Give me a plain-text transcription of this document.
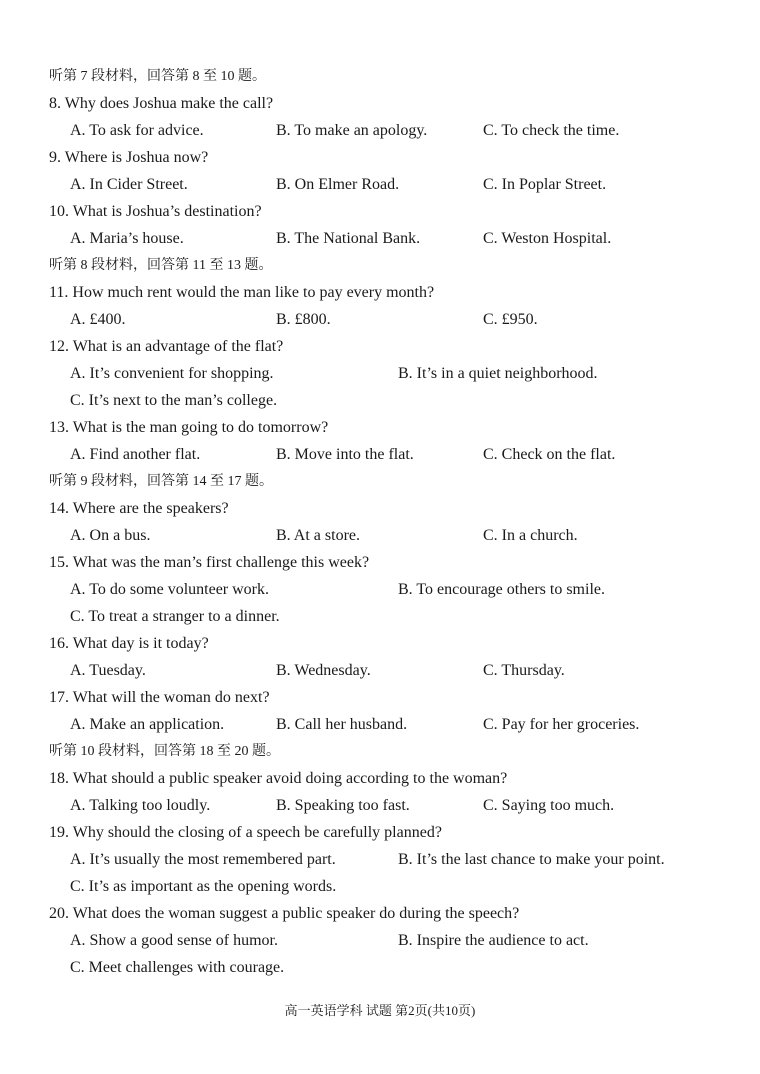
听第 7 段材料，回答第 8 至 10 题。
8. Why does Joshua make the call?
A. To ask for advice.	B. To make an apology.	C. To check the time.
9. Where is Joshua now?
A. In Cider Street.	B. On Elmer Road.	C. In Poplar Street.
10. What is Joshua’s destination?
A. Maria’s house.	B. The National Bank.	C. Weston Hospital.
听第 8 段材料，回答第 11 至 13 题。
11. How much rent would the man like to pay every month?
A. £400.	B. £800.	C. £950.
12. What is an advantage of the flat?
A. It’s convenient for shopping.	B. It’s in a quiet neighborhood.
C. It’s next to the man’s college.
13. What is the man going to do tomorrow?
A. Find another flat.	B. Move into the flat.	C. Check on the flat.
听第 9 段材料，回答第 14 至 17 题。
14. Where are the speakers?
A. On a bus.	B. At a store.	C. In a church.
15. What was the man’s first challenge this week?
A. To do some volunteer work.	B. To encourage others to smile.
C. To treat a stranger to a dinner.
16. What day is it today?
A. Tuesday.	B. Wednesday.	C. Thursday.
17. What will the woman do next?
A. Make an application.	B. Call her husband.	C. Pay for her groceries.
听第 10 段材料，回答第 18 至 20 题。
18. What should a public speaker avoid doing according to the woman?
A. Talking too loudly.	B. Speaking too fast.	C. Saying too much.
19. Why should the closing of a speech be carefully planned?
A. It’s usually the most remembered part.	B. It’s the last chance to make your point.
C. It’s as important as the opening words.
20. What does the woman suggest a public speaker do during the speech?
A. Show a good sense of humor.	B. Inspire the audience to act.
C. Meet challenges with courage.
高一英语学科 试题 第2页(共10页)
